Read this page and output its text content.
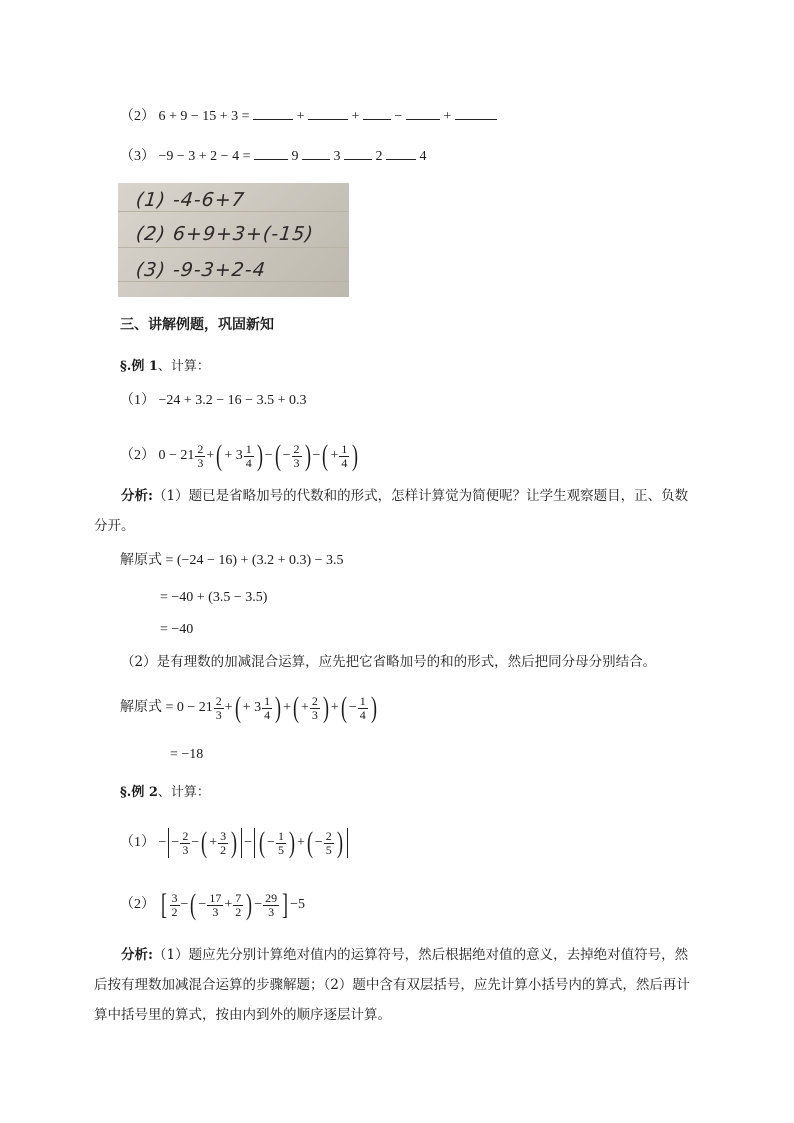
（2） 6 + 9 − 15 + 3 =	+	+	−	+
（3） −9 − 3 + 2 − 4 =	9	3	2	4
(1) -4-6+7
(2) 6+9+3+(-15)
(3) -9-3+2-4
三、讲解例题，巩固新知
§.例 1、计算：
（1） −24 + 3.2 − 16 − 3.5 + 0.3
（2） $0 - 21 \frac{2}{3}$ + ( + $3 \frac{1}{4}$
) − ( − $\frac{2}{3}$
) − ( + $\frac{1}{4}$
)
分析:（1）题已是省略加号的代数和的形式，怎样计算觉为简便呢？让学生观察题目，正、负数分开。
解原式 = (−24 − 16) + (3.2 + 0.3) − 3.5
= −40 + (3.5 − 3.5)
= −40
（2）是有理数的加减混合运算，应先把它省略加号的和的形式，然后把同分母分别结合。
解原式 = $0 - 21 \frac{2}{3}$ + ( + $3 \frac{1}{4}$
) + ( + $\frac{2}{3}$
) + ( − $\frac{1}{4}$
)
= −18
§.例 2、计算：
（1） − − $\frac{2}{3}$ − ( + $\frac{3}{2}$
) − ( − $\frac{1}{5}$
) + ( − $\frac{2}{5}$
)
（2） [ $\frac{3}{2}$ − ( − $\frac{17}{3} + \frac{7}{2}$
) − $\frac{29}{3}$
] −5
分析:（1）题应先分别计算绝对值内的运算符号，然后根据绝对值的意义，去掉绝对值符号，然后按有理数加减混合运算的步骤解题；（2）题中含有双层括号，应先计算小括号内的算式，然后再计算中括号里的算式，按由内到外的顺序逐层计算。
